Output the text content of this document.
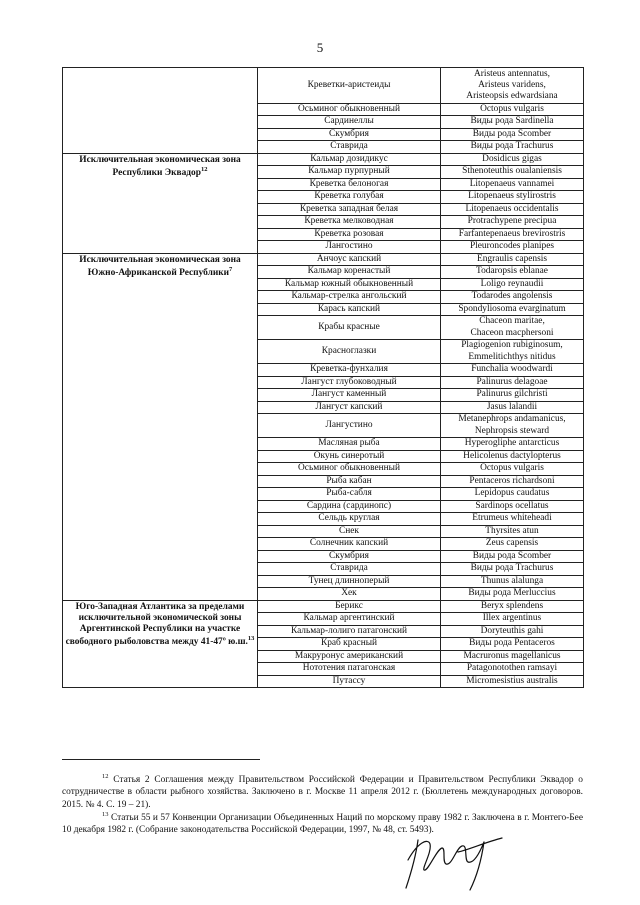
5
	Креветки-аристеиды	Aristeus antennatus,
Aristeus varidens,
Aristeopsis edwardsiana

	Осьминог обыкновенный	Octopus vulgaris

	Сардинеллы	Виды рода Sardinella

	Скумбрия	Виды рода Scomber

	Ставрида	Виды рода Trachurus

Исключительная экономическая зона Республики Эквадор$^{12}$	Кальмар дозидикус	Dosidicus gigas

	Кальмар пурпурный	Sthenoteuthis oualaniensis

	Креветка белоногая	Litopenaeus vannamei

	Креветка голубая	Litopenaeus stylirostris

	Креветка западная белая	Litopenaeus occidentalis

	Креветка мелководная	Protrachypene precipua

	Креветка розовая	Farfantepenaeus brevirostris

	Лангостино	Pleuroncodes planipes

Исключительная экономическая зона Южно-Африканской Республики$^7$	Анчоус капский	Engraulis capensis

	Кальмар коренастый	Todaropsis eblanae

	Кальмар южный обыкновенный	Loligo reynaudii

	Кальмар-стрелка ангольский	Todarodes angolensis

	Карась капский	Spondyliosoma evarginatum

	Крабы красные	Chaceon maritae,
Chaceon macphersoni

	Красноглазки	Plagiogenion rubiginosum,
Emmelitichthys nitidus

	Креветка-фунхалия	Funchalia woodwardi

	Лангуст глубоководный	Palinurus delagoae

	Лангуст каменный	Palinurus gilchristi

	Лангуст капский	Jasus lalandii

	Лангустино	Metanephrops andamanicus,
Nephropsis steward

	Масляная рыба	Hyperogliphe antarcticus

	Окунь синеротый	Helicolenus dactylopterus

	Осьминог обыкновенный	Octopus vulgaris

	Рыба кабан	Pentaceros richardsoni

	Рыба-сабля	Lepidopus caudatus

	Сардина (сардинопс)	Sardinops ocellatus

	Сельдь круглая	Etrumeus whiteheadi

	Снек	Thyrsites atun

	Солнечник капский	Zeus capensis

	Скумбрия	Виды рода Scomber

	Ставрида	Виды рода Trachurus

	Тунец длинноперый	Thunus alalunga

	Хек	Виды рода Merluccius

Юго-Западная Атлантика за пределами исключительной экономической зоны Аргентинской Республики на участке свободного рыболовства между 41-47º ю.ш.$^{13}$	Берикс	Beryx splendens

	Кальмар аргентинский	Illex argentinus

	Кальмар-лолиго патагонский	Doryteuthis gahi

	Краб красный	Виды рода Pentaceros

	Макруронус американский	Macruronus magellanicus

	Нототения патагонская	Patagonotothen ramsayi

	Путассу	Micromesistius australis
$^{12}$ Статья 2 Соглашения между Правительством Российской Федерации и Правительством Республики Эквадор о сотрудничестве в области рыбного хозяйства. Заключено в г. Москве 11 апреля 2012 г. (Бюллетень международных договоров. 2015. № 4. С. 19 – 21).
$^{13}$ Статьи 55 и 57 Конвенции Организации Объединенных Наций по морскому праву 1982 г. Заключена в г. Монтего-Бее 10 декабря 1982 г. (Собрание законодательства Российской Федерации, 1997, № 48, ст. 5493).
